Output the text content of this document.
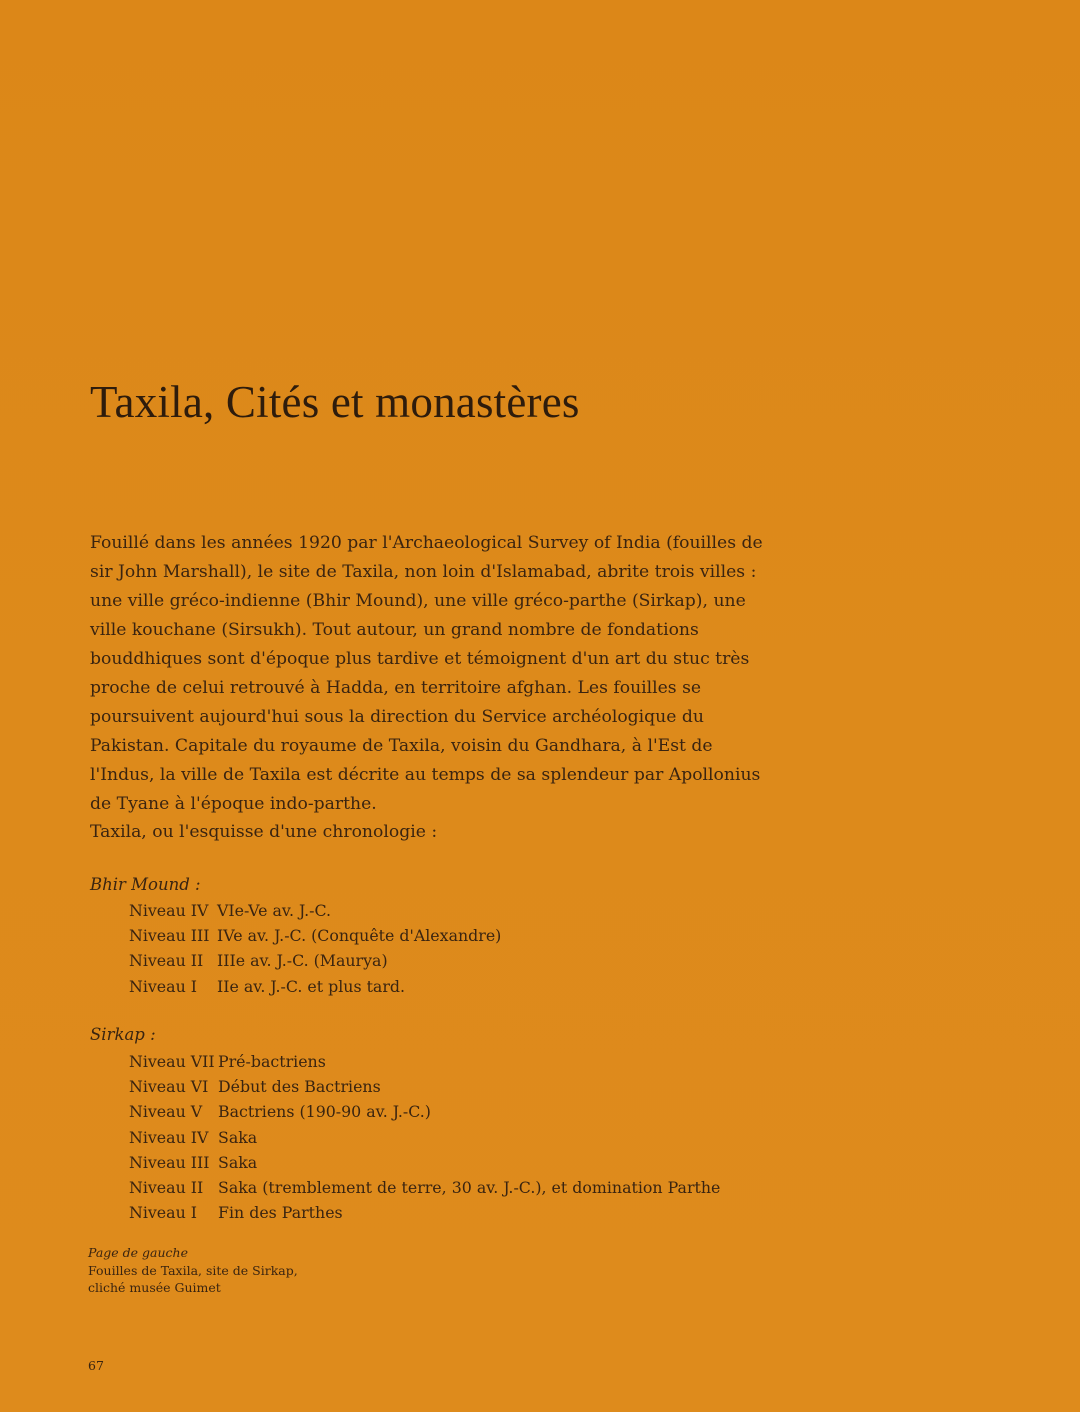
Taxila, Cités et monastères

Fouillé dans les années 1920 par l'Archaeological Survey of India (fouilles de sir John Marshall), le site de Taxila, non loin d'Islamabad, abrite trois villes : une ville gréco-indienne (Bhir Mound), une ville gréco-parthe (Sirkap), une ville kouchane (Sirsukh). Tout autour, un grand nombre de fondations bouddhiques sont d'époque plus tardive et témoignent d'un art du stuc très proche de celui retrouvé à Hadda, en territoire afghan. Les fouilles se poursuivent aujourd'hui sous la direction du Service archéologique du Pakistan. Capitale du royaume de Taxila, voisin du Gandhara, à l'Est de l'Indus, la ville de Taxila est décrite au temps de sa splendeur par Apollonius de Tyane à l'époque indo-parthe.

Taxila, ou l'esquisse d'une chronologie :

Bhir Mound :

Niveau IV VIe-Ve av. J.-C.
Niveau III IVe av. J.-C. (Conquête d'Alexandre)
Niveau II IIIe av. J.-C. (Maurya)
Niveau I	IIe av. J.-C. et plus tard.

Sirkap :

Niveau VII Pré-bactriens
Niveau VI Début des Bactriens
Niveau V	Bactriens (190-90 av. J.-C.)
Niveau IV Saka
Niveau III Saka
Niveau II Saka (tremblement de terre, 30 av. J.-C.), et domination Parthe
Niveau I	Fin des Parthes
Page de gauche
Fouilles de Taxila, site de Sirkap,
cliché musée Guimet
67
